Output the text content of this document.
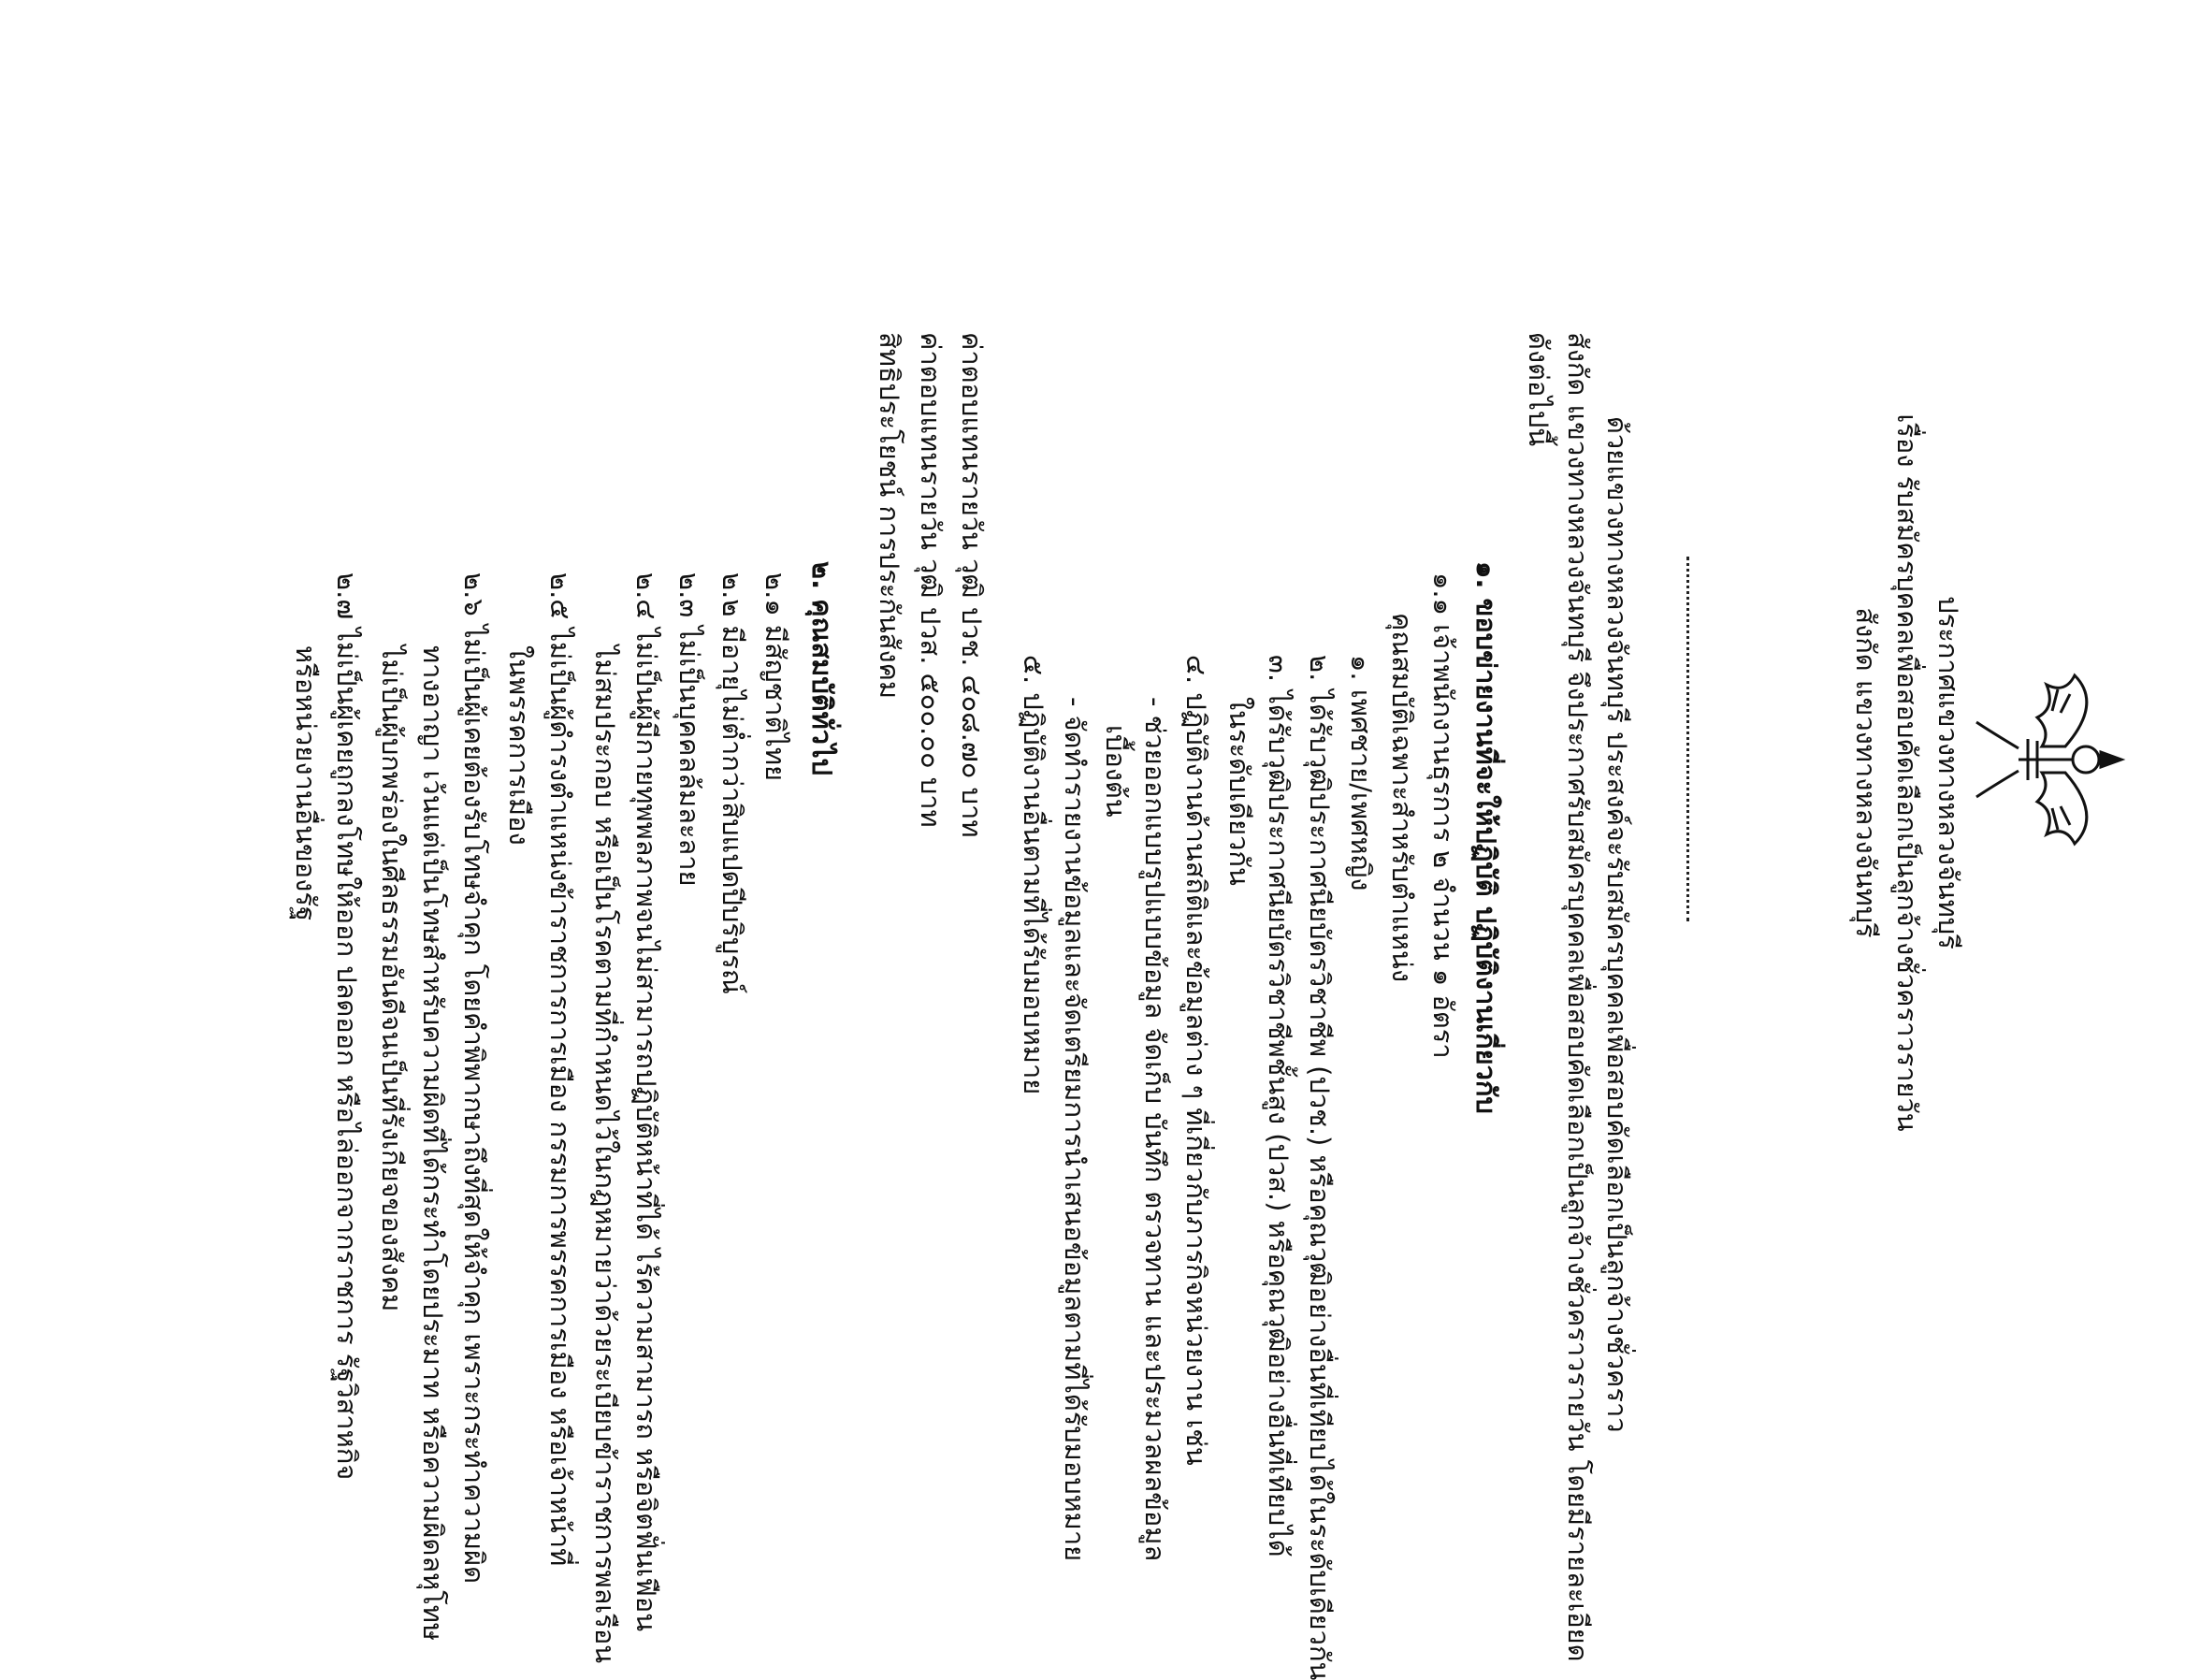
ประกาศแขวงทางหลวงจันทบุรี
เรื่อง รับสมัครบุคคลเพื่อสอบคัดเลือกเป็นลูกจ้างชั่วคราวรายวัน
สังกัด แขวงทางหลวงจันทบุรี
ด้วยแขวงทางหลวงจันทบุรี ประสงค์จะรับสมัครบุคคลเพื่อสอบคัดเลือกเป็นลูกจ้างชั่วคราว
สังกัด แขวงทางหลวงจันทบุรี จึงประกาศรับสมัครบุคคลเพื่อสอบคัดเลือกเป็นลูกจ้างชั่วคราวรายวัน โดยมีรายละเอียด
ดังต่อไปนี้
๑. ขอบข่ายงานที่จะให้ปฏิบัติ ปฏิบัติงานเกี่ยวกับ
๑.๑ เจ้าพนักงานธุรการ ๒ จำนวน ๑ อัตรา
คุณสมบัติเฉพาะสำหรับตำแหน่ง
๑. เพศชาย/เพศหญิง
๒. ได้รับวุฒิประกาศนียบัตรวิชาชีพ (ปวช.) หรือคุณวุฒิอย่างอื่นที่เทียบได้ในระดับเดียวกัน
๓. ได้รับวุฒิประกาศนียบัตรวิชาชีพชั้นสูง (ปวส.) หรือคุณวุฒิอย่างอื่นที่เทียบได้
ในระดับเดียวกัน
๔. ปฏิบัติงานด้านสถิติและข้อมูลต่าง ๆ ที่เกี่ยวกับภารกิจหน่วยงาน เช่น
- ช่วยออกแบบรูปแบบข้อมูล จัดเก็บ บันทึก ตรวจทาน และประมวลผลข้อมูล
เบื้องต้น
- จัดทำรายงานข้อมูลและจัดเตรียมการนำเสนอข้อมูลตามที่ได้รับมอบหมาย
๕. ปฏิบัติงานอื่นตามที่ได้รับมอบหมาย
ค่าตอบแทนรายวัน วุฒิ ปวช. ๔๐๘.๗๐ บาท
ค่าตอบแทนรายวัน วุฒิ ปวส. ๕๐๐.๐๐ บาท
สิทธิประโยชน์ การประกันสังคม
๒. คุณสมบัติทั่วไป
๒.๑ มีสัญชาติไทย
๒.๒ มีอายุไม่ต่ำกว่าสิบแปดปีบริบูรณ์
๒.๓ ไม่เป็นบุคคลล้มละลาย
๒.๔ ไม่เป็นผู้มีกายทุพพลภาพจนไม่สามารถปฏิบัติหน้าที่ได้ ไร้ความสามารถ หรือจิตฟั่นเฟือน
ไม่สมประกอบ หรือเป็นโรคตามที่กำหนดไว้ในกฎหมายว่าด้วยระเบียบข้าราชการพลเรือน
๒.๕ ไม่เป็นผู้ดำรงตำแหน่งข้าราชการการเมือง กรรมการพรรคการเมือง หรือเจ้าหน้าที่
ในพรรคการเมือง
๒.๖ ไม่เป็นผู้เคยต้องรับโทษจำคุก โดยคำพิพากษาถึงที่สุดให้จำคุก เพราะกระทำความผิด
ทางอาญา เว้นแต่เป็นโทษสำหรับความผิดที่ได้กระทำโดยประมาท หรือความผิดลหุโทษ
ไม่เป็นผู้บกพร่องในศีลธรรมอันดีจนเป็นที่รังเกียจของสังคม
๒.๗ ไม่เป็นผู้เคยถูกลงโทษให้ออก ปลดออก หรือไล่ออกจากราชการ รัฐวิสาหกิจ
หรือหน่วยงานอื่นของรัฐ
